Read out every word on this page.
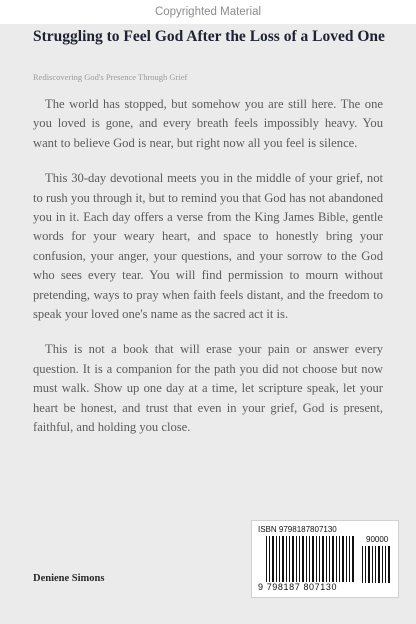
Copyrighted Material
Struggling to Feel God After the Loss of a Loved One
Rediscovering God's Presence Through Grief

The world has stopped, but somehow you are still here. The one you loved is gone, and every breath feels impossibly heavy. You want to believe God is near, but right now all you feel is silence.

This 30-day devotional meets you in the middle of your grief, not to rush you through it, but to remind you that God has not abandoned you in it. Each day offers a verse from the King James Bible, gentle words for your weary heart, and space to honestly bring your confusion, your anger, your questions, and your sorrow to the God who sees every tear. You will find permission to mourn without pretending, ways to pray when faith feels distant, and the freedom to speak your loved one's name as the sacred act it is.

This is not a book that will erase your pain or answer every question. It is a companion for the path you did not choose but now must walk. Show up one day at a time, let scripture speak, let your heart be honest, and trust that even in your grief, God is present, faithful, and holding you close.

Deniene Simons
ISBN 9798187807130
9 798187 807130
90000
